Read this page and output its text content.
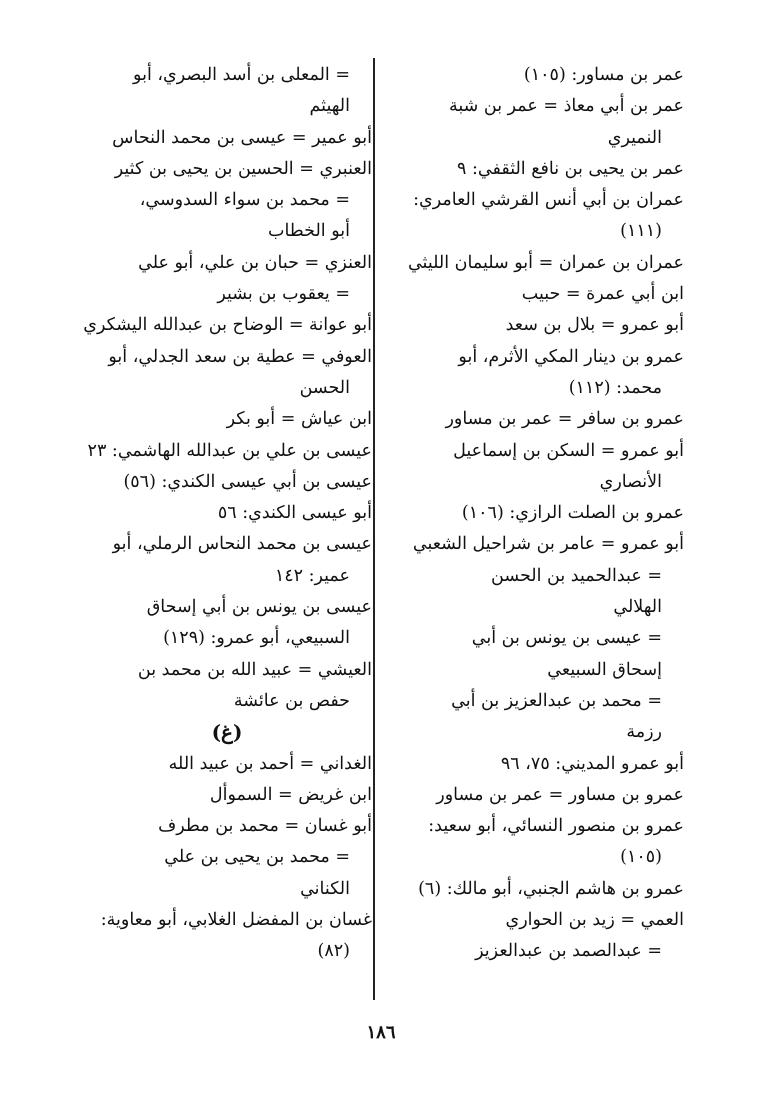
عمر بن مساور: (١٠٥)
عمر بن أبي معاذ = عمر بن شبة
النميري
عمر بن يحيى بن نافع الثقفي: ٩
عمران بن أبي أنس القرشي العامري:
(١١١)
عمران بن عمران = أبو سليمان الليثي
ابن أبي عمرة = حبيب
أبو عمرو = بلال بن سعد
عمرو بن دينار المكي الأثرم، أبو
محمد: (١١٢)
عمرو بن سافر = عمر بن مساور
أبو عمرو = السكن بن إسماعيل
الأنصاري
عمرو بن الصلت الرازي: (١٠٦)
أبو عمرو = عامر بن شراحيل الشعبي
= عبدالحميد بن الحسن
الهلالي
= عيسى بن يونس بن أبي
إسحاق السبيعي
= محمد بن عبدالعزيز بن أبي
رزمة
أبو عمرو المديني: ٧٥، ٩٦
عمرو بن مساور = عمر بن مساور
عمرو بن منصور النسائي، أبو سعيد:
(١٠٥)
عمرو بن هاشم الجنبي، أبو مالك: (٦)
العمي = زيد بن الحواري
= عبدالصمد بن عبدالعزيز
= المعلى بن أسد البصري، أبو
الهيثم
أبو عمير = عيسى بن محمد النحاس
العنبري = الحسين بن يحيى بن كثير
= محمد بن سواء السدوسي،
أبو الخطاب
العنزي = حبان بن علي، أبو علي
= يعقوب بن بشير
أبو عوانة = الوضاح بن عبدالله اليشكري
العوفي = عطية بن سعد الجدلي، أبو
الحسن
ابن عياش = أبو بكر
عيسى بن علي بن عبدالله الهاشمي: ٢٣
عيسى بن أبي عيسى الكندي: (٥٦)
أبو عيسى الكندي: ٥٦
عيسى بن محمد النحاس الرملي، أبو
عمير: ١٤٢
عيسى بن يونس بن أبي إسحاق
السبيعي، أبو عمرو: (١٢٩)
العيشي = عبيد الله بن محمد بن
حفص بن عائشة
(غ)
الغداني = أحمد بن عبيد الله
ابن غريض = السموأل
أبو غسان = محمد بن مطرف
= محمد بن يحيى بن علي
الكناني
غسان بن المفضل الغلابي، أبو معاوية:
(٨٢)
١٨٦
